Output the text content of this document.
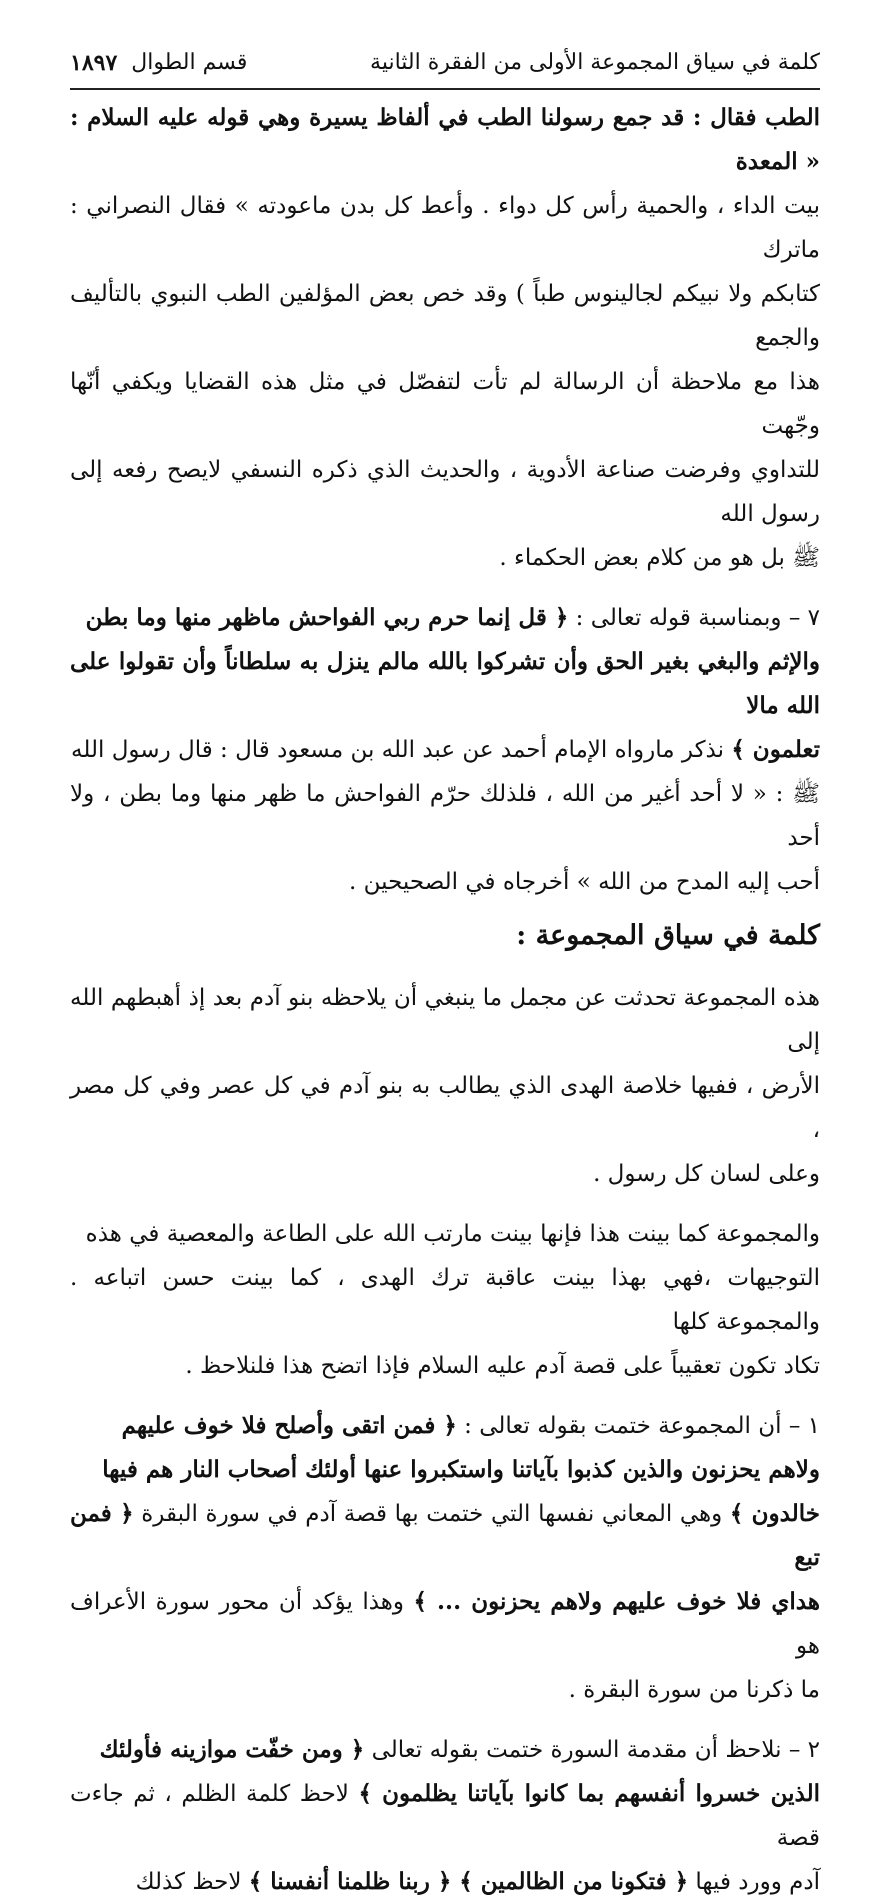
كلمة في سياق المجموعة الأولى من الفقرة الثانية
قسم الطوال
١٨٩٧

الطب فقال : قد جمع رسولنا الطب في ألفاظ يسيرة وهي قوله عليه السلام : « المعدة

بيت الداء ، والحمية رأس كل دواء . وأعط كل بدن ماعودته » فقال النصراني : ماترك

كتابكم ولا نبيكم لجالينوس طباً ) وقد خص بعض المؤلفين الطب النبوي بالتأليف والجمع

هذا مع ملاحظة أن الرسالة لم تأت لتفصّل في مثل هذه القضايا ويكفي أنّها وجّهت

للتداوي وفرضت صناعة الأدوية ، والحديث الذي ذكره النسفي لايصح رفعه إلى رسول الله

ﷺ بل هو من كلام بعض الحكماء .

٧ – وبمناسبة قوله تعالى : ﴿ قل إنما حرم ربي الفواحش ماظهر منها وما بطن

والإثم والبغي بغير الحق وأن تشركوا بالله مالم ينزل به سلطاناً وأن تقولوا على الله مالا

تعلمون ﴾ نذكر مارواه الإمام أحمد عن عبد الله بن مسعود قال : قال رسول الله

ﷺ : « لا أحد أغير من الله ، فلذلك حرّم الفواحش ما ظهر منها وما بطن ، ولا أحد

أحب إليه المدح من الله » أخرجاه في الصحيحين .

كلمة في سياق المجموعة :

هذه المجموعة تحدثت عن مجمل ما ينبغي أن يلاحظه بنو آدم بعد إذ أهبطهم الله إلى

الأرض ، ففيها خلاصة الهدى الذي يطالب به بنو آدم في كل عصر وفي كل مصر ،

وعلى لسان كل رسول .

والمجموعة كما بينت هذا فإنها بينت مارتب الله على الطاعة والمعصية في هذه

التوجيهات ،فهي بهذا بينت عاقبة ترك الهدى ، كما بينت حسن اتباعه . والمجموعة كلها

تكاد تكون تعقيباً على قصة آدم عليه السلام فإذا اتضح هذا فلنلاحظ .

١ – أن المجموعة ختمت بقوله تعالى : ﴿ فمن اتقى وأصلح فلا خوف عليهم

ولاهم يحزنون والذين كذبوا بآياتنا واستكبروا عنها أولئك أصحاب النار هم فيها

خالدون ﴾ وهي المعاني نفسها التي ختمت بها قصة آدم في سورة البقرة ﴿ فمن تبع

هداي فلا خوف عليهم ولاهم يحزنون ... ﴾ وهذا يؤكد أن محور سورة الأعراف هو

ما ذكرنا من سورة البقرة .

٢ – نلاحظ أن مقدمة السورة ختمت بقوله تعالى ﴿ ومن خفّت موازينه فأولئك

الذين خسروا أنفسهم بما كانوا بآياتنا يظلمون ﴾ لاحظ كلمة الظلم ، ثم جاءت قصة

آدم وورد فيها ﴿ فتكونا من الظالمين ﴾ ﴿ ربنا ظلمنا أنفسنا ﴾ لاحظ كذلك
